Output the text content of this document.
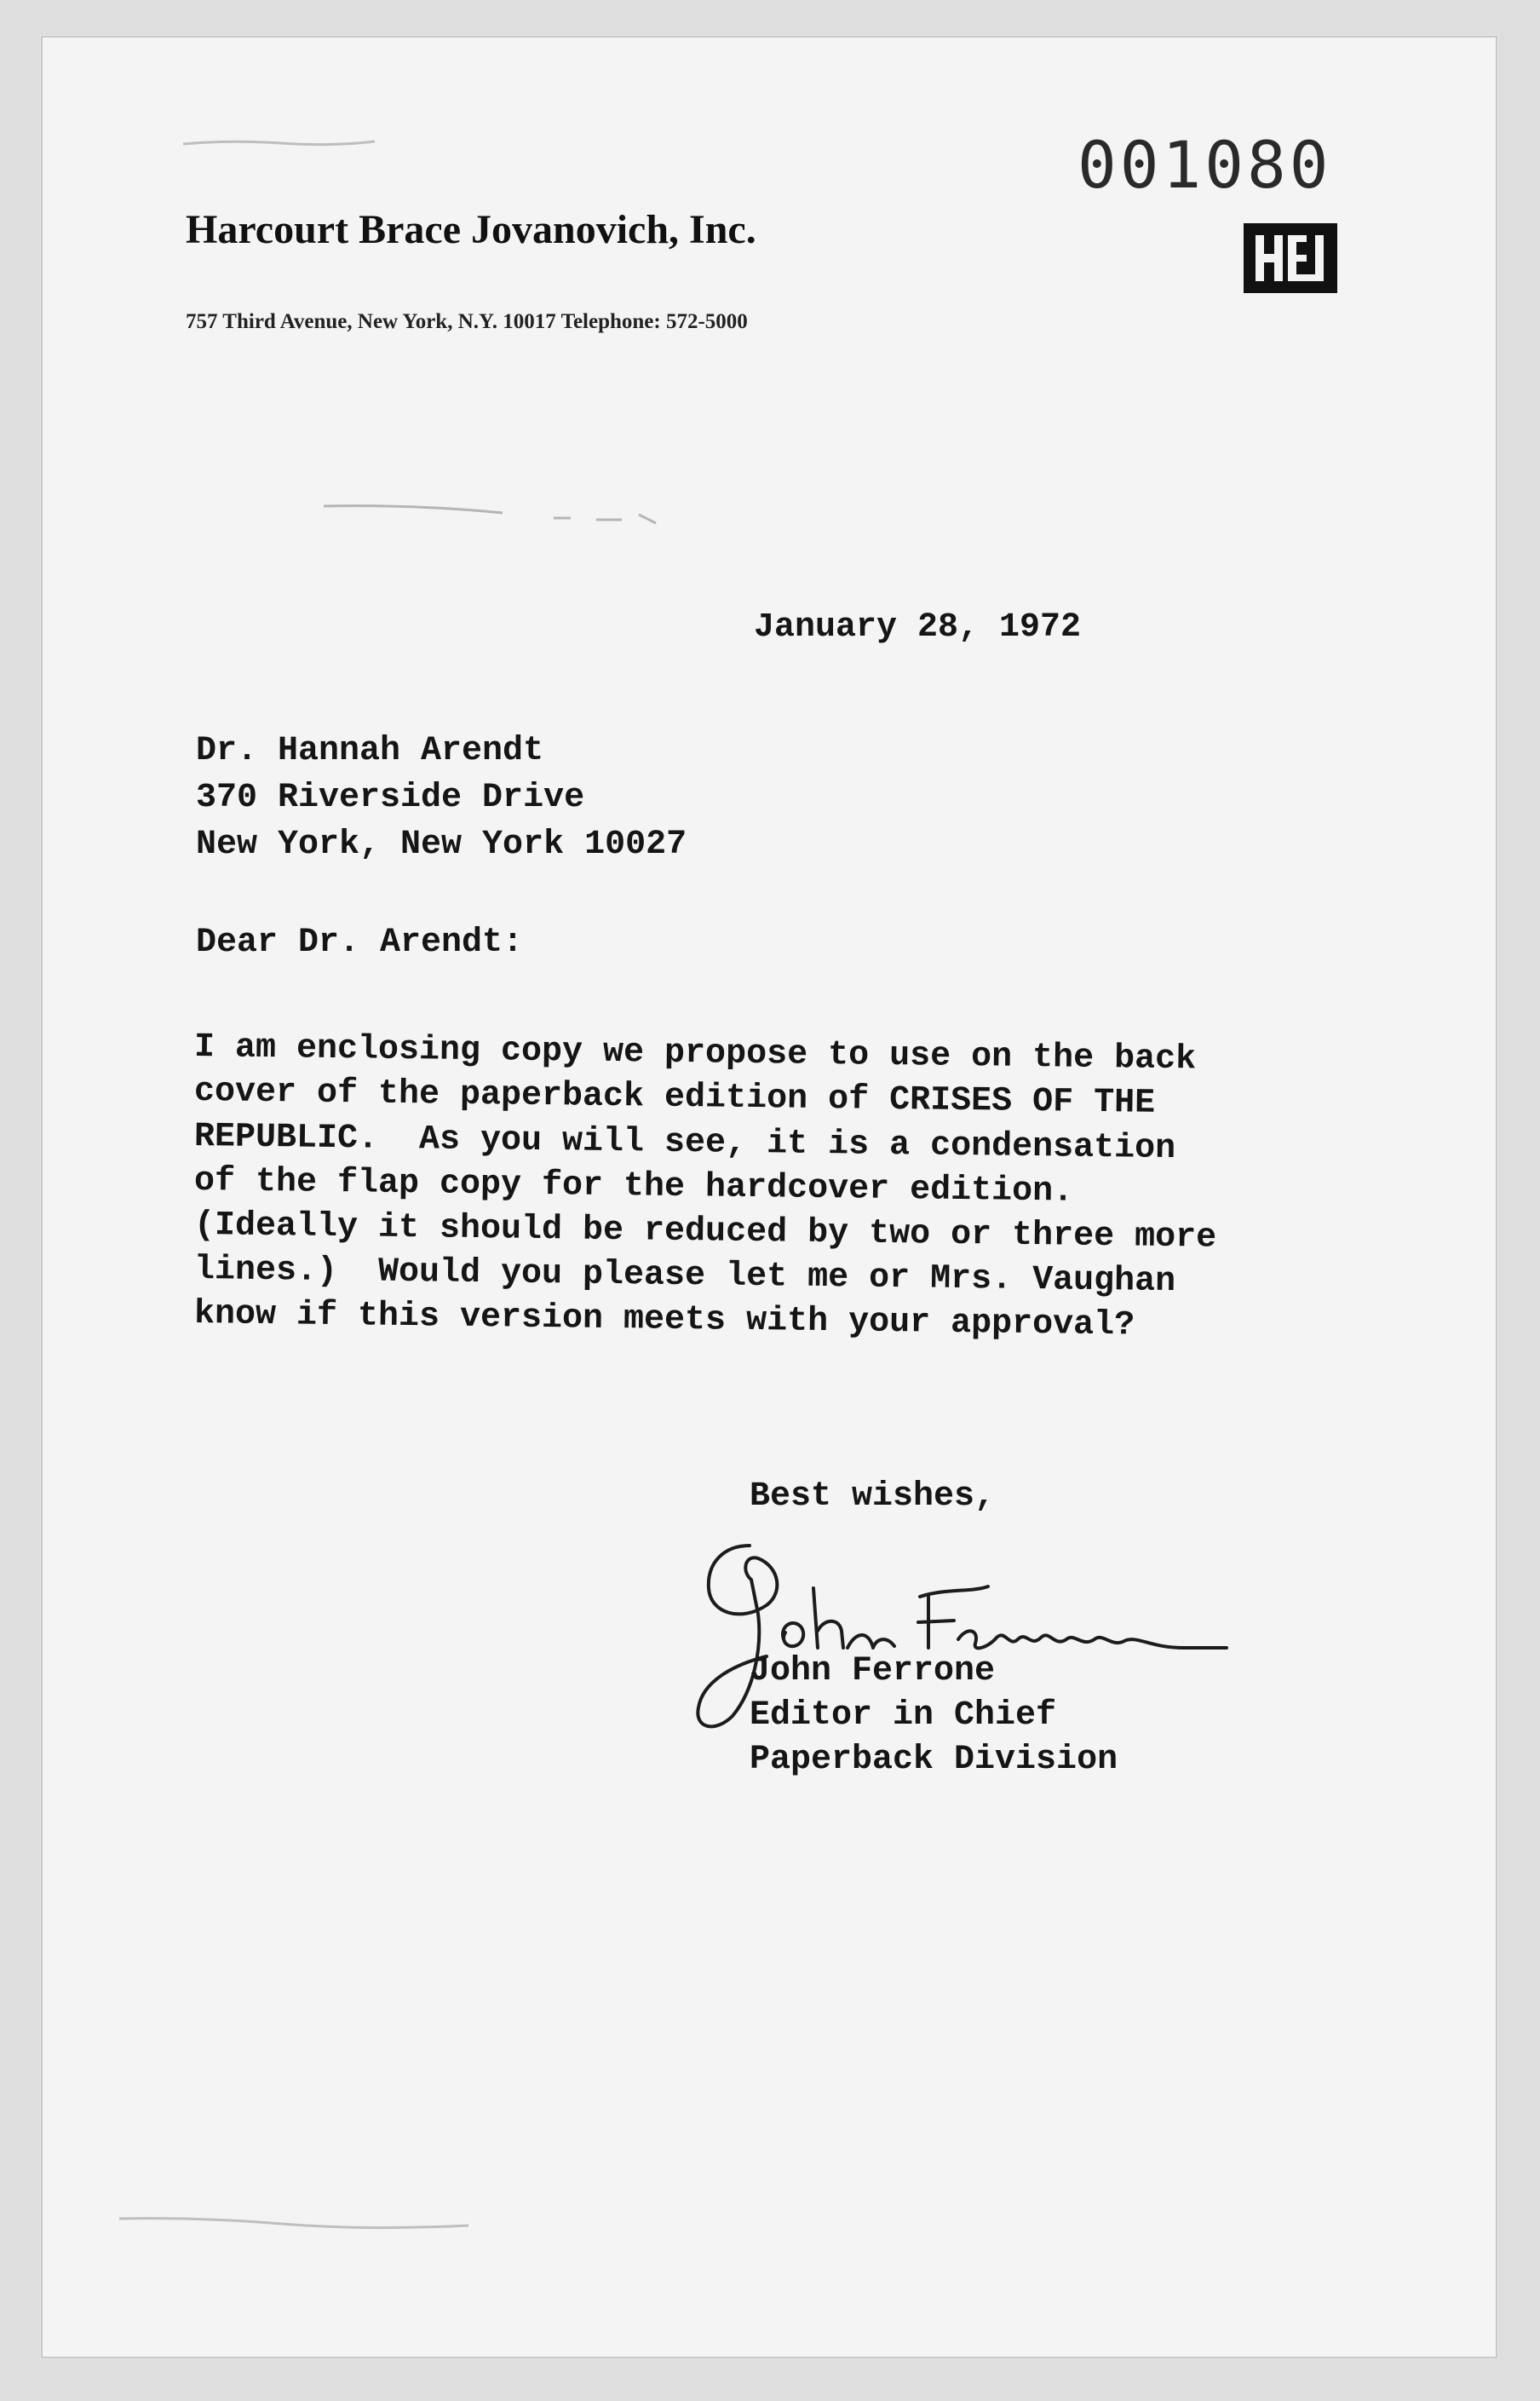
001080
Harcourt Brace Jovanovich, Inc.
757 Third Avenue, New York, N.Y. 10017 Telephone: 572-5000
January 28, 1972
Dr. Hannah Arendt
370 Riverside Drive
New York, New York 10027
Dear Dr. Arendt:
I am enclosing copy we propose to use on the back
cover of the paperback edition of CRISES OF THE
REPUBLIC.  As you will see, it is a condensation
of the flap copy for the hardcover edition.
(Ideally it should be reduced by two or three more
lines.)  Would you please let me or Mrs. Vaughan
know if this version meets with your approval?
Best wishes,
John Ferrone
Editor in Chief
Paperback Division
